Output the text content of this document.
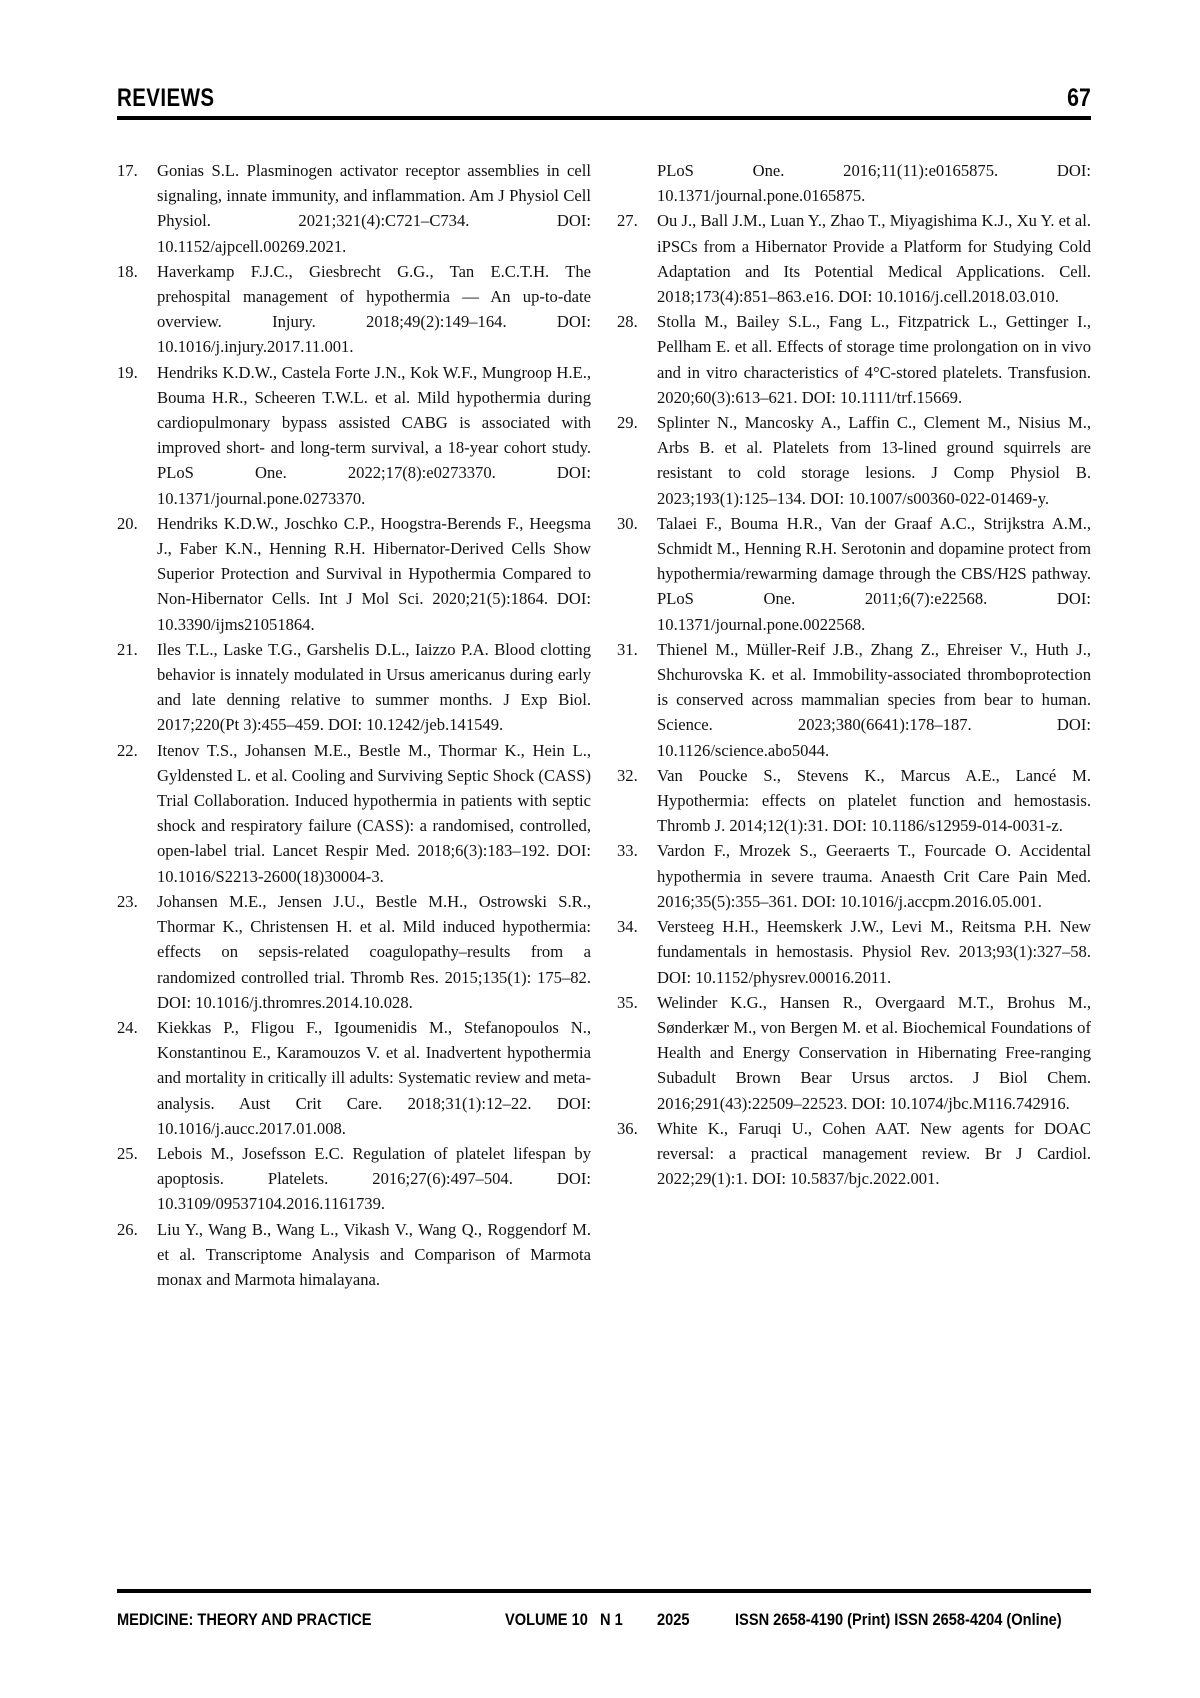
REVIEWS	67
17.	Gonias S.L. Plasminogen activator receptor assemblies in cell signaling, innate immunity, and inflammation. Am J Physiol Cell Physiol. 2021;321(4):C721–C734. DOI: 10.1152/ajpcell.00269.2021.
18.	Haverkamp F.J.C., Giesbrecht G.G., Tan E.C.T.H. The prehospital management of hypothermia — An up-to-date overview. Injury. 2018;49(2):149–164. DOI: 10.1016/j.injury.2017.11.001.
19.	Hendriks K.D.W., Castela Forte J.N., Kok W.F., Mungroop H.E., Bouma H.R., Scheeren T.W.L. et al. Mild hypothermia during cardiopulmonary bypass assisted CABG is associated with improved short- and long-term survival, a 18-year cohort study. PLoS One. 2022;17(8):e0273370. DOI: 10.1371/journal.pone.0273370.
20.	Hendriks K.D.W., Joschko C.P., Hoogstra-Berends F., Heegsma J., Faber K.N., Henning R.H. Hibernator-Derived Cells Show Superior Protection and Survival in Hypothermia Compared to Non-Hibernator Cells. Int J Mol Sci. 2020;21(5):1864. DOI: 10.3390/ijms21051864.
21.	Iles T.L., Laske T.G., Garshelis D.L., Iaizzo P.A. Blood clotting behavior is innately modulated in Ursus americanus during early and late denning relative to summer months. J Exp Biol. 2017;220(Pt 3):455–459. DOI: 10.1242/jeb.141549.
22.	Itenov T.S., Johansen M.E., Bestle M., Thormar K., Hein L., Gyldensted L. et al. Cooling and Surviving Septic Shock (CASS) Trial Collaboration. Induced hypothermia in patients with septic shock and respiratory failure (CASS): a randomised, controlled, open-label trial. Lancet Respir Med. 2018;6(3):183–192. DOI: 10.1016/S2213-2600(18)30004-3.
23.	Johansen M.E., Jensen J.U., Bestle M.H., Ostrowski S.R., Thormar K., Christensen H. et al. Mild induced hypothermia: effects on sepsis-related coagulopathy–results from a randomized controlled trial. Thromb Res. 2015;135(1): 175–82. DOI: 10.1016/j.thromres.2014.10.028.
24.	Kiekkas P., Fligou F., Igoumenidis M., Stefanopoulos N., Konstantinou E., Karamouzos V. et al. Inadvertent hypothermia and mortality in critically ill adults: Systematic review and meta-analysis. Aust Crit Care. 2018;31(1):12–22. DOI: 10.1016/j.aucc.2017.01.008.
25.	Lebois M., Josefsson E.C. Regulation of platelet lifespan by apoptosis. Platelets. 2016;27(6):497–504. DOI: 10.3109/09537104.2016.1161739.
26.	Liu Y., Wang B., Wang L., Vikash V., Wang Q., Roggendorf M. et al. Transcriptome Analysis and Comparison of Marmota monax and Marmota himalayana.
PLoS One. 2016;11(11):e0165875. DOI: 10.1371/journal.pone.0165875.
27.	Ou J., Ball J.M., Luan Y., Zhao T., Miyagishima K.J., Xu Y. et al. iPSCs from a Hibernator Provide a Platform for Studying Cold Adaptation and Its Potential Medical Applications. Cell. 2018;173(4):851–863.e16. DOI: 10.1016/j.cell.2018.03.010.
28.	Stolla M., Bailey S.L., Fang L., Fitzpatrick L., Gettinger I., Pellham E. et all. Effects of storage time prolongation on in vivo and in vitro characteristics of 4°C-stored platelets. Transfusion. 2020;60(3):613–621. DOI: 10.1111/trf.15669.
29.	Splinter N., Mancosky A., Laffin C., Clement M., Nisius M., Arbs B. et al. Platelets from 13-lined ground squirrels are resistant to cold storage lesions. J Comp Physiol B. 2023;193(1):125–134. DOI: 10.1007/s00360-022-01469-y.
30.	Talaei F., Bouma H.R., Van der Graaf A.C., Strijkstra A.M., Schmidt M., Henning R.H. Serotonin and dopamine protect from hypothermia/rewarming damage through the CBS/H2S pathway. PLoS One. 2011;6(7):e22568. DOI: 10.1371/journal.pone.0022568.
31.	Thienel M., Müller-Reif J.B., Zhang Z., Ehreiser V., Huth J., Shchurovska K. et al. Immobility-associated thromboprotection is conserved across mammalian species from bear to human. Science. 2023;380(6641):178–187. DOI: 10.1126/science.abo5044.
32.	Van Poucke S., Stevens K., Marcus A.E., Lancé M. Hypothermia: effects on platelet function and hemostasis. Thromb J. 2014;12(1):31. DOI: 10.1186/s12959-014-0031-z.
33.	Vardon F., Mrozek S., Geeraerts T., Fourcade O. Accidental hypothermia in severe trauma. Anaesth Crit Care Pain Med. 2016;35(5):355–361. DOI: 10.1016/j.accpm.2016.05.001.
34.	Versteeg H.H., Heemskerk J.W., Levi M., Reitsma P.H. New fundamentals in hemostasis. Physiol Rev. 2013;93(1):327–58. DOI: 10.1152/physrev.00016.2011.
35.	Welinder K.G., Hansen R., Overgaard M.T., Brohus M., Sønderkær M., von Bergen M. et al. Biochemical Foundations of Health and Energy Conservation in Hibernating Free-ranging Subadult Brown Bear Ursus arctos. J Biol Chem. 2016;291(43):22509–22523. DOI: 10.1074/jbc.M116.742916.
36.	White K., Faruqi U., Cohen AAT. New agents for DOAC reversal: a practical management review. Br J Cardiol. 2022;29(1):1. DOI: 10.5837/bjc.2022.001.
MEDICINE: THEORY AND PRACTICE	VOLUME 10   N 1 2025	ISSN 2658-4190 (Print) ISSN 2658-4204 (Online)
